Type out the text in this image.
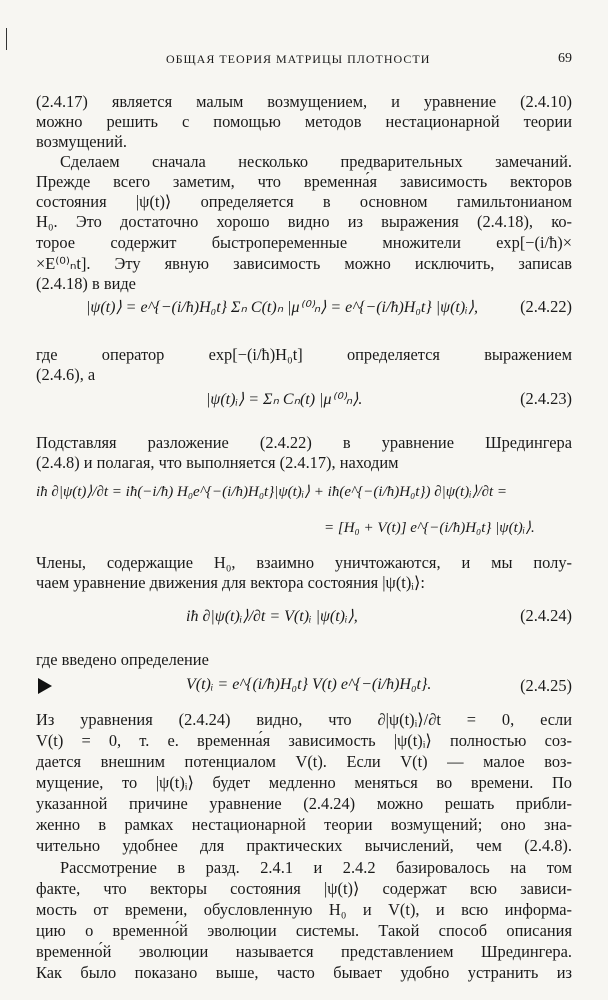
ОБЩАЯ ТЕОРИЯ МАТРИЦЫ ПЛОТНОСТИ	69
(2.4.17) является малым возмущением, и уравнение (2.4.10)
можно решить с помощью методов нестационарной теории
возмущений.
Сделаем сначала несколько предварительных замечаний.
Прежде всего заметим, что временна́я зависимость векторов
состояния |ψ(t)⟩ определяется в основном гамильтонианом
H₀. Это достаточно хорошо видно из выражения (2.4.18), ко-
торое содержит быстропеременные множители exp[−(i/ħ)×
×E⁽⁰⁾ₙt]. Эту явную зависимость можно исключить, записав
(2.4.18) в виде
|ψ(t)⟩ = e^{−(i/ħ)H₀t} Σₙ C(t)ₙ |μ⁽⁰⁾ₙ⟩ = e^{−(i/ħ)H₀t} |ψ(t)ᵢ⟩,	(2.4.22)
где оператор exp[−(i/ħ)H₀t] определяется выражением
(2.4.6), а
|ψ(t)ᵢ⟩ = Σₙ Cₙ(t) |μ⁽⁰⁾ₙ⟩.	(2.4.23)
Подставляя разложение (2.4.22) в уравнение Шредингера
(2.4.8) и полагая, что выполняется (2.4.17), находим
iħ ∂|ψ(t)⟩/∂t = iħ(−i/ħ) H₀e^{−(i/ħ)H₀t}|ψ(t)ᵢ⟩ + iħ(e^{−(i/ħ)H₀t}) ∂|ψ(t)ᵢ⟩/∂t =
= [H₀ + V(t)] e^{−(i/ħ)H₀t} |ψ(t)ᵢ⟩.
Члены, содержащие H₀, взаимно уничтожаются, и мы полу-
чаем уравнение движения для вектора состояния |ψ(t)ᵢ⟩:
iħ ∂|ψ(t)ᵢ⟩/∂t = V(t)ᵢ |ψ(t)ᵢ⟩,	(2.4.24)
где введено определение
V(t)ᵢ = e^{(i/ħ)H₀t} V(t) e^{−(i/ħ)H₀t}.	(2.4.25)
Из уравнения (2.4.24) видно, что ∂|ψ(t)ᵢ⟩/∂t = 0, если
V(t) = 0, т. е. временна́я зависимость |ψ(t)ᵢ⟩ полностью соз-
дается внешним потенциалом V(t). Если V(t) — малое воз-
мущение, то |ψ(t)ᵢ⟩ будет медленно меняться во времени. По
указанной причине уравнение (2.4.24) можно решать прибли-
женно в рамках нестационарной теории возмущений; оно зна-
чительно удобнее для практических вычислений, чем (2.4.8).
Рассмотрение в разд. 2.4.1 и 2.4.2 базировалось на том
факте, что векторы состояния |ψ(t)⟩ содержат всю зависи-
мость от времени, обусловленную H₀ и V(t), и всю информа-
цию о временно́й эволюции системы. Такой способ описания
временно́й эволюции называется представлением Шредингера.
Как было показано выше, часто бывает удобно устранить из
